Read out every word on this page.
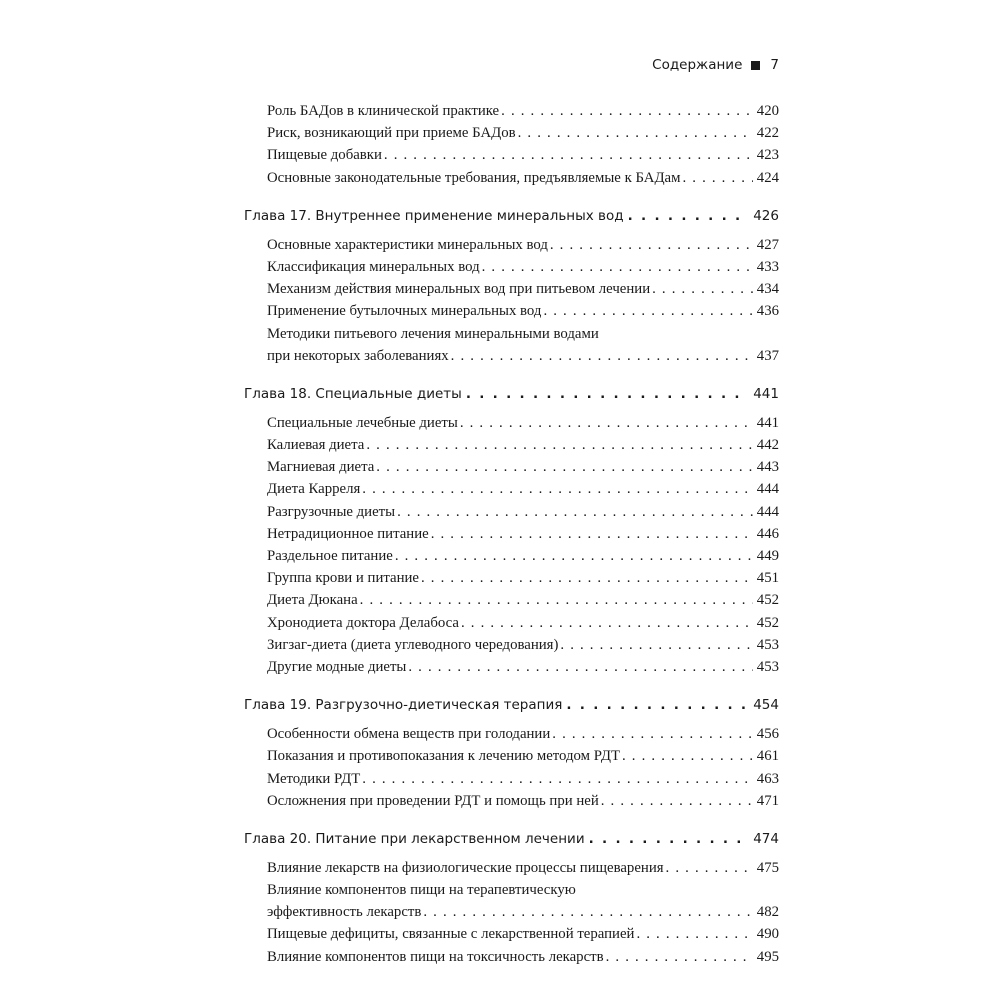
Содержание 7
Роль БАДов в клинической практике . . .	420
Риск, возникающий при приеме БАДов . . .	422
Пищевые добавки . . .	423
Основные законодательные требования, предъявляемые к БАДам . . .	424
Глава 17. Внутреннее применение минеральных вод . . .	426
Основные характеристики минеральных вод . . .	427
Классификация минеральных вод . . .	433
Механизм действия минеральных вод при питьевом лечении . . .	434
Применение бутылочных минеральных вод . . .	436
Методики питьевого лечения минеральными водами
при некоторых заболеваниях . . .	437
Глава 18. Специальные диеты . . .	441
Специальные лечебные диеты . . .	441
Калиевая диета . . .	442
Магниевая диета . . .	443
Диета Карреля . . .	444
Разгрузочные диеты . . .	444
Нетрадиционное питание . . .	446
Раздельное питание . . .	449
Группа крови и питание . . .	451
Диета Дюкана . . .	452
Хронодиета доктора Делабоса . . .	452
Зигзаг-диета (диета углеводного чередования) . . .	453
Другие модные диеты . . .	453
Глава 19. Разгрузочно-диетическая терапия . . .	454
Особенности обмена веществ при голодании . . .	456
Показания и противопоказания к лечению методом РДТ . . .	461
Методики РДТ . . .	463
Осложнения при проведении РДТ и помощь при ней . . .	471
Глава 20. Питание при лекарственном лечении . . .	474
Влияние лекарств на физиологические процессы пищеварения . . .	475
Влияние компонентов пищи на терапевтическую
эффективность лекарств . . .	482
Пищевые дефициты, связанные с лекарственной терапией . . .	490
Влияние компонентов пищи на токсичность лекарств . . .	495
